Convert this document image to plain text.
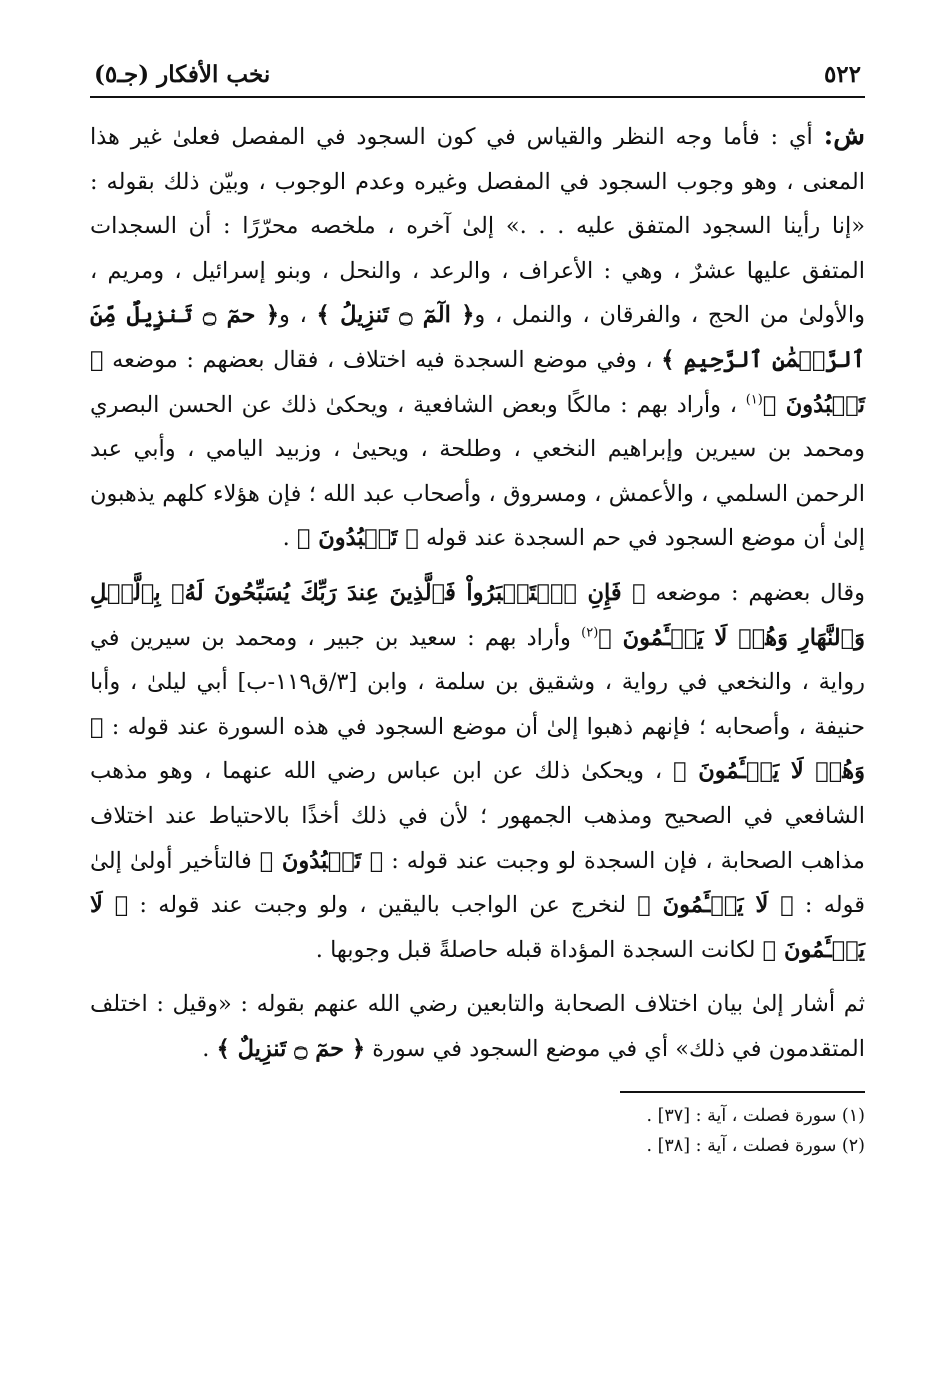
٥٢٢
نخب الأفكار (جـ٥)

ش: أي : فأما وجه النظر والقياس في كون السجود في المفصل فعلىٰ غير هذا المعنى ، وهو وجوب السجود في المفصل وغيره وعدم الوجوب ، وبيّن ذلك بقوله : «إنا رأينا السجود المتفق عليه . . .» إلىٰ آخره ، ملخصه محرّرًا : أن السجدات المتفق عليها عشرٌ ، وهي : الأعراف ، والرعد ، والنحل ، وبنو إسرائيل ، ومريم ، والأولىٰ من الحج ، والفرقان ، والنمل ، و﴿ الٓمٓ ۝ تَنزِيلُ ﴾ ، و﴿ حمٓ ۝ تَنزِيلٌ مِّنَ ٱلرَّحۡمَٰنِ ٱلرَّحِيمِ ﴾ ، وفي موضع السجدة فيه اختلاف ، فقال بعضهم : موضعه ﴿ تَعۡبُدُونَ ﴾$^{(١)}$ ، وأراد بهم : مالكًا وبعض الشافعية ، ويحكىٰ ذلك عن الحسن البصري ومحمد بن سيرين وإبراهيم النخعي ، وطلحة ، ويحيىٰ ، وزبيد اليامي ، وأبي عبد الرحمن السلمي ، والأعمش ، ومسروق ، وأصحاب عبد الله ؛ فإن هؤلاء كلهم يذهبون إلىٰ أن موضع السجود في حم السجدة عند قوله ﴿ تَعۡبُدُونَ ﴾ .

وقال بعضهم : موضعه ﴿ فَإِنِ ٱسۡتَكۡبَرُواْ فَٱلَّذِينَ عِندَ رَبِّكَ يُسَبِّحُونَ لَهُۥ بِٱلَّيۡلِ وَٱلنَّهَارِ وَهُمۡ لَا يَسۡـَٔمُونَ ﴾$^{(٢)}$ وأراد بهم : سعيد بن جبير ، ومحمد بن سيرين في رواية ، والنخعي في رواية ، وشقيق بن سلمة ، وابن [٣/ق١١٩-ب] أبي ليلىٰ ، وأبا حنيفة ، وأصحابه ؛ فإنهم ذهبوا إلىٰ أن موضع السجود في هذه السورة عند قوله : ﴿ وَهُمۡ لَا يَسۡـَٔمُونَ ﴾ ، ويحكىٰ ذلك عن ابن عباس رضي الله عنهما ، وهو مذهب الشافعي في الصحيح ومذهب الجمهور ؛ لأن في ذلك أخذًا بالاحتياط عند اختلاف مذاهب الصحابة ، فإن السجدة لو وجبت عند قوله : ﴿ تَعۡبُدُونَ ﴾ فالتأخير أولىٰ إلىٰ قوله : ﴿ لَا يَسۡـَٔمُونَ ﴾ لنخرج عن الواجب باليقين ، ولو وجبت عند قوله : ﴿ لَا يَسۡـَٔمُونَ ﴾ لكانت السجدة المؤداة قبله حاصلةً قبل وجوبها .

ثم أشار إلىٰ بيان اختلاف الصحابة والتابعين رضي الله عنهم بقوله : «وقيل : اختلف المتقدمون في ذلك» أي في موضع السجود في سورة ﴿ حمٓ ۝ تَنزِيلٌ ﴾ .

(١) سورة فصلت ، آية : [٣٧] .

(٢) سورة فصلت ، آية : [٣٨] .
